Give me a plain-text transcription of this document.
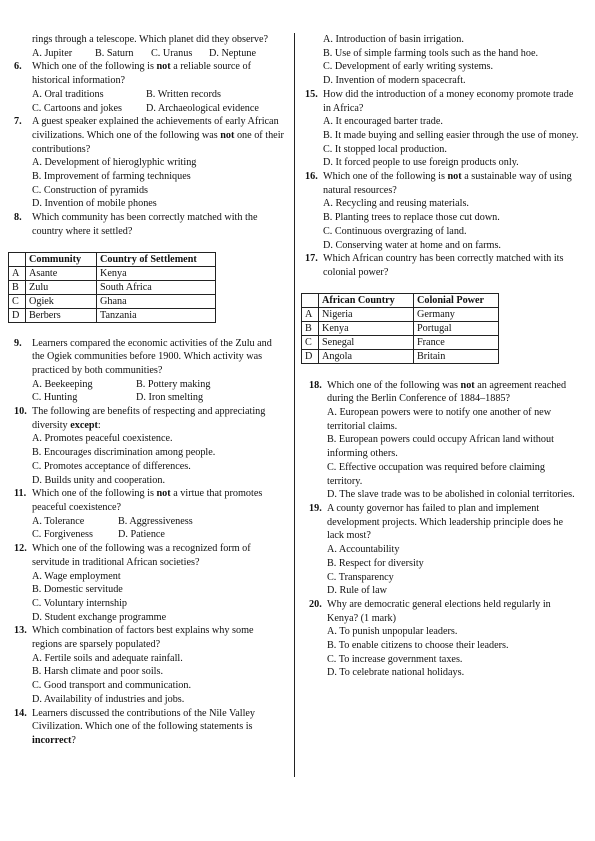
rings through a telescope. Which planet did they observe?
A. Jupiter	B. Saturn	C. Uranus	D. Neptune
6. Which one of the following is not a reliable source of historical information?
A. Oral traditions	B. Written records
C. Cartoons and jokes	D. Archaeological evidence
7. A guest speaker explained the achievements of early African civilizations. Which one of the following was not one of their contributions?
A. Development of hieroglyphic writing
B. Improvement of farming techniques
C. Construction of pyramids
D. Invention of mobile phones
8. Which community has been correctly matched with the country where it settled?
	Community	Country of Settlement
A	Asante	Kenya
B	Zulu	South Africa
C	Ogiek	Ghana
D	Berbers	Tanzania
9. Learners compared the economic activities of the Zulu and the Ogiek communities before 1900. Which activity was practiced by both communities?
A. Beekeeping	B. Pottery making
C. Hunting	D. Iron smelting
10. The following are benefits of respecting and appreciating diversity except:
A. Promotes peaceful coexistence.
B. Encourages discrimination among people.
C. Promotes acceptance of differences.
D. Builds unity and cooperation.
11. Which one of the following is not a virtue that promotes peaceful coexistence?
A. Tolerance	B. Aggressiveness
C. Forgiveness	D. Patience
12. Which one of the following was a recognized form of servitude in traditional African societies?
A. Wage employment
B. Domestic servitude
C. Voluntary internship
D. Student exchange programme
13. Which combination of factors best explains why some regions are sparsely populated?
A. Fertile soils and adequate rainfall.
B. Harsh climate and poor soils.
C. Good transport and communication.
D. Availability of industries and jobs.
14. Learners discussed the contributions of the Nile Valley Civilization. Which one of the following statements is incorrect?
A. Introduction of basin irrigation.
B. Use of simple farming tools such as the hand hoe.
C. Development of early writing systems.
D. Invention of modern spacecraft.
15. How did the introduction of a money economy promote trade in Africa?
A. It encouraged barter trade.
B. It made buying and selling easier through the use of money.
C. It stopped local production.
D. It forced people to use foreign products only.
16. Which one of the following is not a sustainable way of using natural resources?
A. Recycling and reusing materials.
B. Planting trees to replace those cut down.
C. Continuous overgrazing of land.
D. Conserving water at home and on farms.
17. Which African country has been correctly matched with its colonial power?
	African Country	Colonial Power
A	Nigeria	Germany
B	Kenya	Portugal
C	Senegal	France
D	Angola	Britain
18. Which one of the following was not an agreement reached during the Berlin Conference of 1884–1885?
A. European powers were to notify one another of new territorial claims.
B. European powers could occupy African land without informing others.
C. Effective occupation was required before claiming territory.
D. The slave trade was to be abolished in colonial territories.
19. A county governor has failed to plan and implement development projects. Which leadership principle does he lack most?
A. Accountability
B. Respect for diversity
C. Transparency
D. Rule of law
20. Why are democratic general elections held regularly in Kenya? (1 mark)
A. To punish unpopular leaders.
B. To enable citizens to choose their leaders.
C. To increase government taxes.
D. To celebrate national holidays.
